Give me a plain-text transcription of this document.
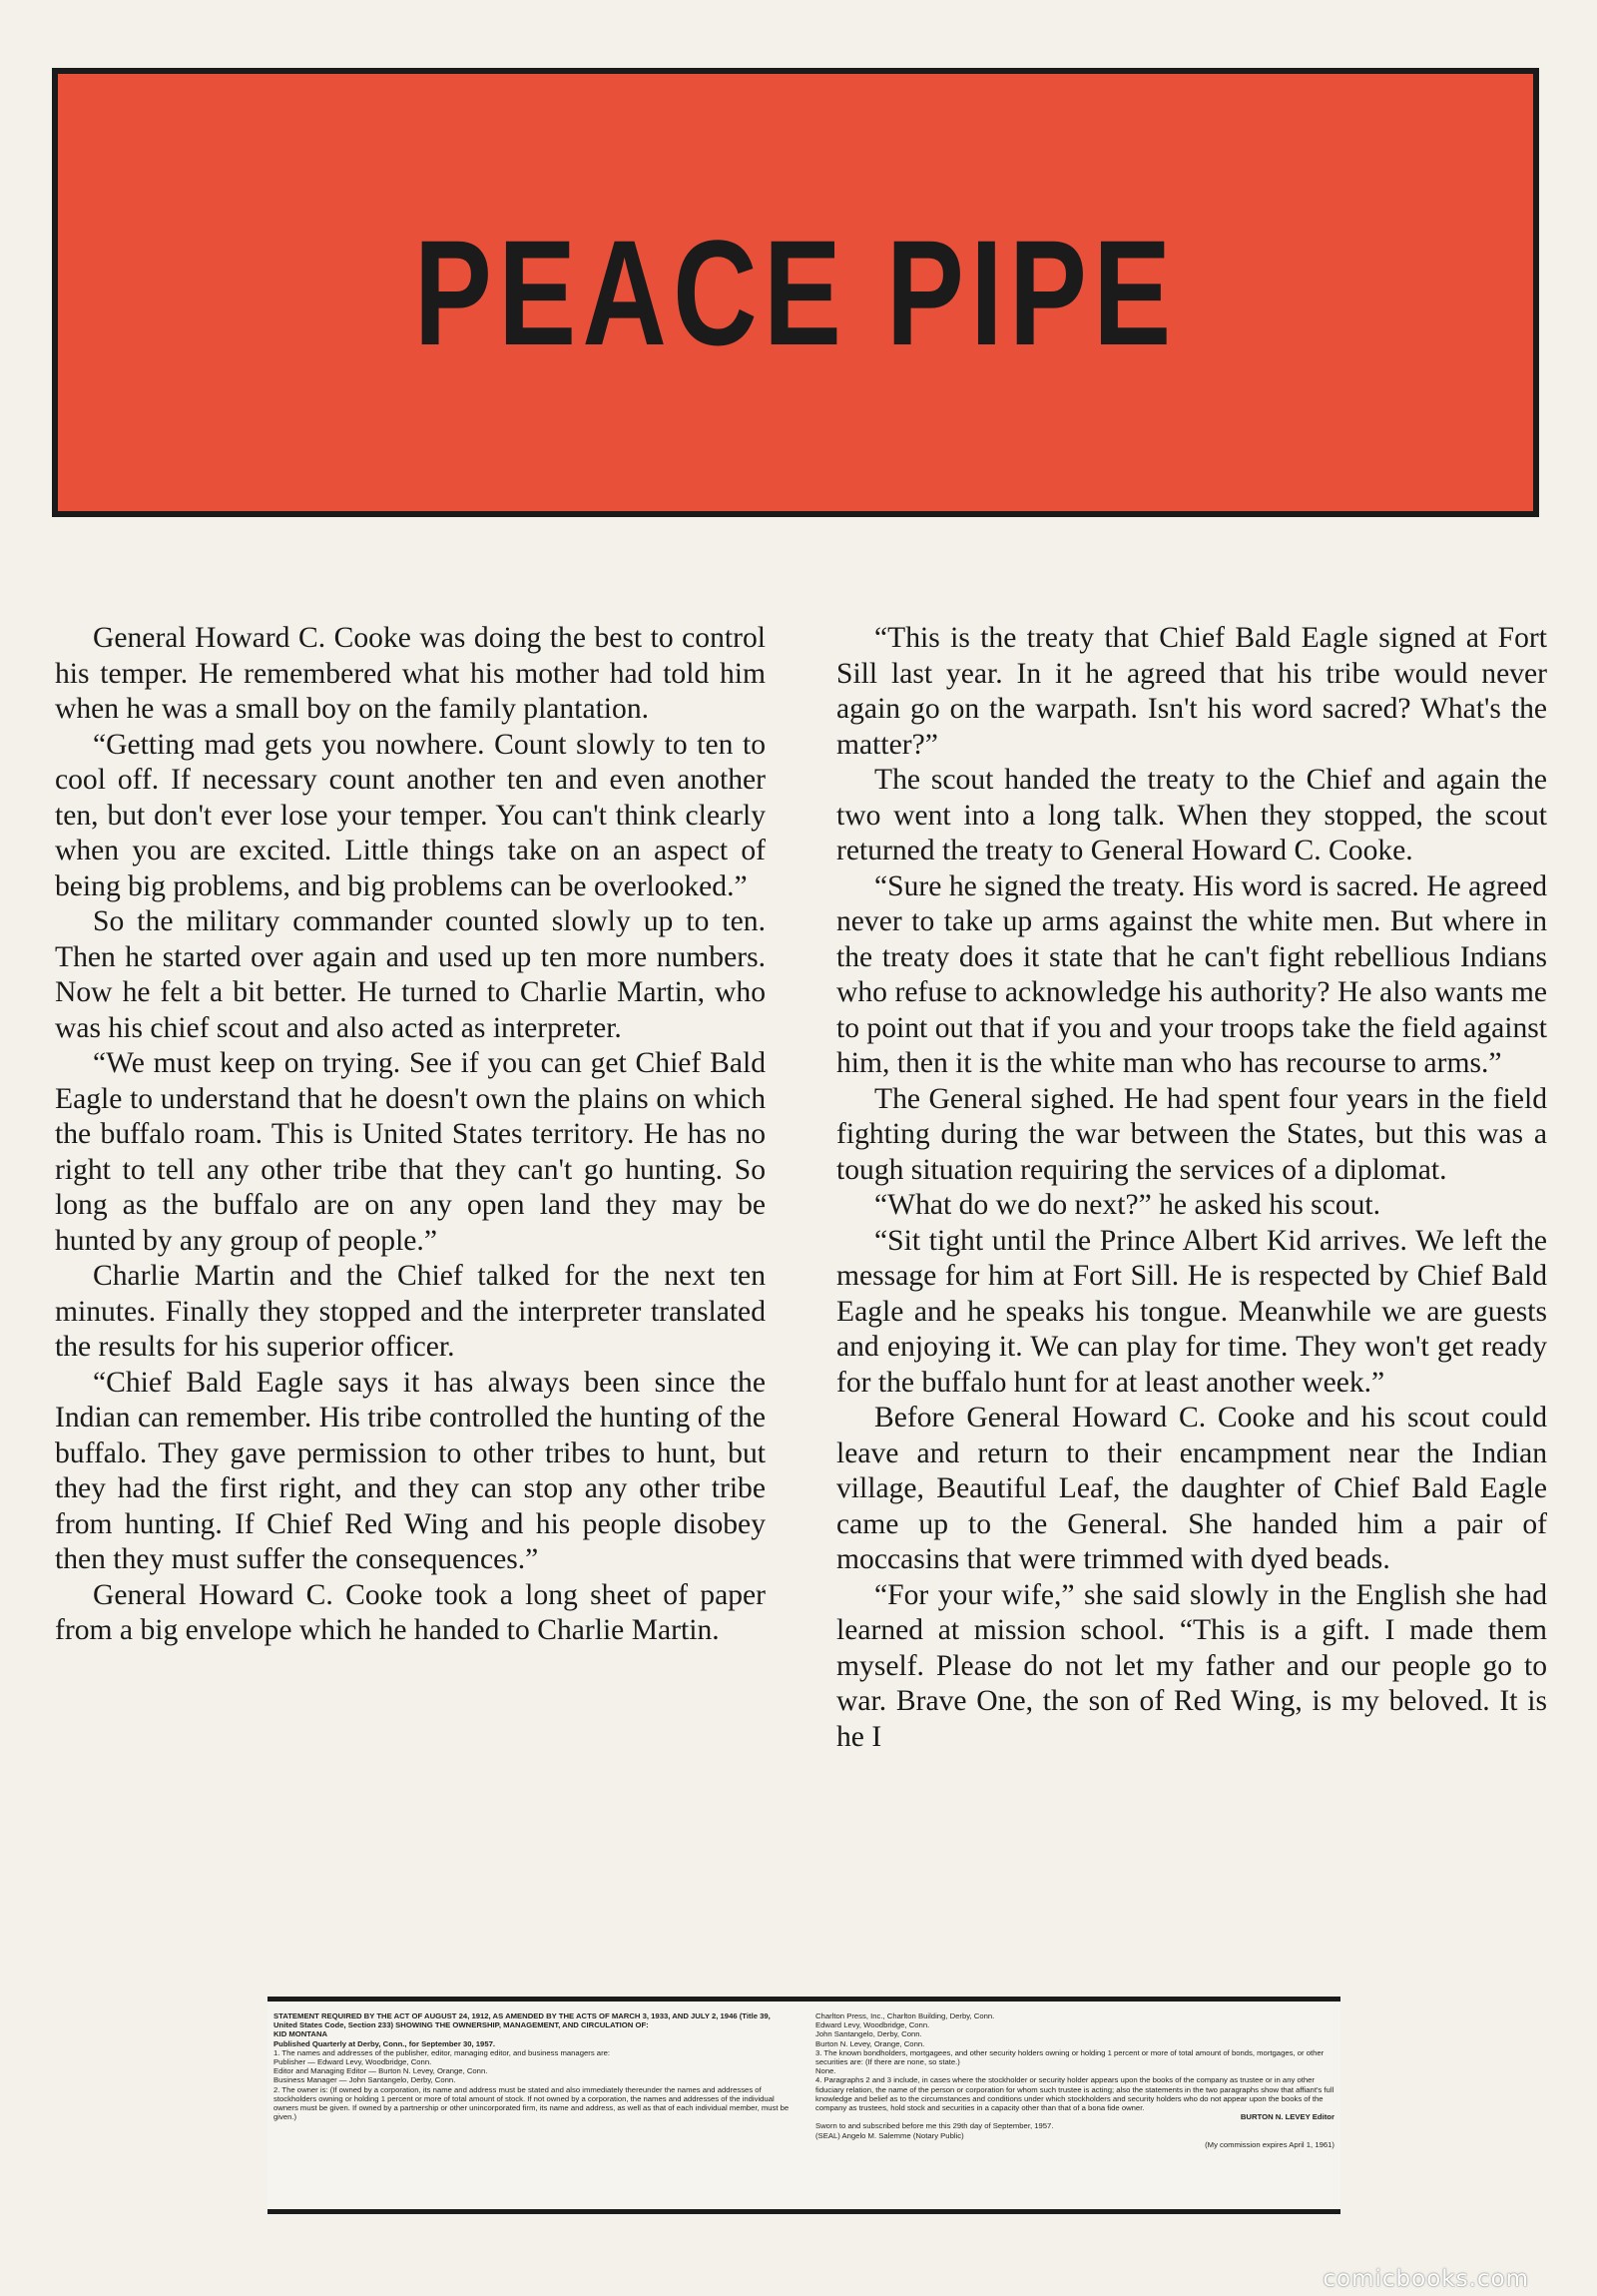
PEACE PIPE

General Howard C. Cooke was doing the best to control his temper. He remembered what his mother had told him when he was a small boy on the family plantation.

“Getting mad gets you nowhere. Count slowly to ten to cool off. If necessary count another ten and even another ten, but don't ever lose your temper. You can't think clearly when you are excited. Little things take on an aspect of being big problems, and big problems can be overlooked.”

So the military commander counted slowly up to ten. Then he started over again and used up ten more numbers. Now he felt a bit better. He turned to Charlie Martin, who was his chief scout and also acted as interpreter.

“We must keep on trying. See if you can get Chief Bald Eagle to understand that he doesn't own the plains on which the buffalo roam. This is United States territory. He has no right to tell any other tribe that they can't go hunting. So long as the buffalo are on any open land they may be hunted by any group of people.”

Charlie Martin and the Chief talked for the next ten minutes. Finally they stopped and the interpreter translated the results for his superior officer.

“Chief Bald Eagle says it has always been since the Indian can remember. His tribe controlled the hunting of the buffalo. They gave permission to other tribes to hunt, but they had the first right, and they can stop any other tribe from hunting. If Chief Red Wing and his people disobey then they must suffer the consequences.”

General Howard C. Cooke took a long sheet of paper from a big envelope which he handed to Charlie Martin.

“This is the treaty that Chief Bald Eagle signed at Fort Sill last year. In it he agreed that his tribe would never again go on the warpath. Isn't his word sacred? What's the matter?”

The scout handed the treaty to the Chief and again the two went into a long talk. When they stopped, the scout returned the treaty to General Howard C. Cooke.

“Sure he signed the treaty. His word is sacred. He agreed never to take up arms against the white men. But where in the treaty does it state that he can't fight rebellious Indians who refuse to acknowledge his authority? He also wants me to point out that if you and your troops take the field against him, then it is the white man who has recourse to arms.”

The General sighed. He had spent four years in the field fighting during the war between the States, but this was a tough situation requiring the services of a diplomat.

“What do we do next?” he asked his scout.

“Sit tight until the Prince Albert Kid arrives. We left the message for him at Fort Sill. He is respected by Chief Bald Eagle and he speaks his tongue. Meanwhile we are guests and enjoying it. We can play for time. They won't get ready for the buffalo hunt for at least another week.”

Before General Howard C. Cooke and his scout could leave and return to their encampment near the Indian village, Beautiful Leaf, the daughter of Chief Bald Eagle came up to the General. She handed him a pair of moccasins that were trimmed with dyed beads.

“For your wife,” she said slowly in the English she had learned at mission school. “This is a gift. I made them myself. Please do not let my father and our people go to war. Brave One, the son of Red Wing, is my beloved. It is he I

STATEMENT REQUIRED BY THE ACT OF AUGUST 24, 1912, AS AMENDED BY THE ACTS OF MARCH 3, 1933, AND JULY 2, 1946 (Title 39, United States Code, Section 233) SHOWING THE OWNERSHIP, MANAGEMENT, AND CIRCULATION OF:
KID MONTANA
Published Quarterly at Derby, Conn., for September 30, 1957.
1. The names and addresses of the publisher, editor, managing editor, and business managers are:
Publisher — Edward Levy, Woodbridge, Conn.
Editor and Managing Editor — Burton N. Levey, Orange, Conn.
Business Manager — John Santangelo, Derby, Conn.
2. The owner is: (If owned by a corporation, its name and address must be stated and also immediately thereunder the names and addresses of stockholders owning or holding 1 percent or more of total amount of stock. If not owned by a corporation, the names and addresses of the individual owners must be given. If owned by a partnership or other unincorporated firm, its name and address, as well as that of each individual member, must be given.)
Charlton Press, Inc., Charlton Building, Derby, Conn.
Edward Levy, Woodbridge, Conn.
John Santangelo, Derby, Conn.
Burton N. Levey, Orange, Conn.
3. The known bondholders, mortgagees, and other security holders owning or holding 1 percent or more of total amount of bonds, mortgages, or other securities are: (If there are none, so state.)
None.
4. Paragraphs 2 and 3 include, in cases where the stockholder or security holder appears upon the books of the company as trustee or in any other fiduciary relation, the name of the person or corporation for whom such trustee is acting; also the statements in the two paragraphs show that affiant's full knowledge and belief as to the circumstances and conditions under which stockholders and security holders who do not appear upon the books of the company as trustees, hold stock and securities in a capacity other than that of a bona fide owner.
BURTON N. LEVEY Editor
Sworn to and subscribed before me this 29th day of September, 1957.
(SEAL) Angelo M. Salemme (Notary Public)
(My commission expires April 1, 1961)
comicbooks.com
